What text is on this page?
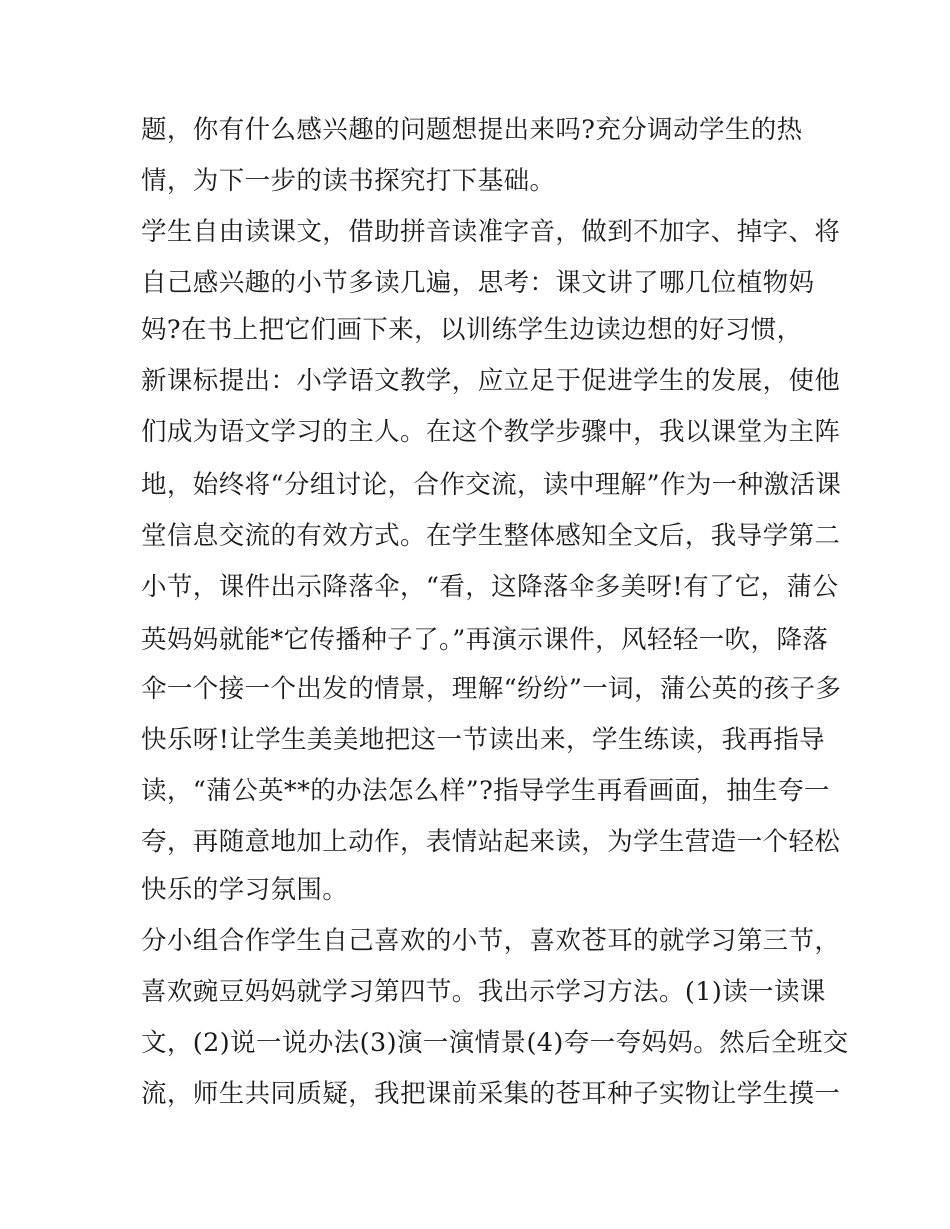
题，你有什么感兴趣的问题想提出来吗?充分调动学生的热
情，为下一步的读书探究打下基础。
学生自由读课文，借助拼音读准字音，做到不加字、掉字、将
自己感兴趣的小节多读几遍，思考：课文讲了哪几位植物妈
妈?在书上把它们画下来，以训练学生边读边想的好习惯，
新课标提出：小学语文教学，应立足于促进学生的发展，使他
们成为语文学习的主人。在这个教学步骤中，我以课堂为主阵
地，始终将“分组讨论，合作交流，读中理解”作为一种激活课
堂信息交流的有效方式。在学生整体感知全文后，我导学第二
小节，课件出示降落伞，“看，这降落伞多美呀!有了它，蒲公
英妈妈就能*它传播种子了。”再演示课件，风轻轻一吹，降落
伞一个接一个出发的情景，理解“纷纷”一词，蒲公英的孩子多
快乐呀!让学生美美地把这一节读出来，学生练读，我再指导
读，“蒲公英**的办法怎么样”?指导学生再看画面，抽生夸一
夸，再随意地加上动作，表情站起来读，为学生营造一个轻松
快乐的学习氛围。
分小组合作学生自己喜欢的小节，喜欢苍耳的就学习第三节，
喜欢豌豆妈妈就学习第四节。我出示学习方法。(1)读一读课
文，(2)说一说办法(3)演一演情景(4)夸一夸妈妈。然后全班交
流，师生共同质疑，我把课前采集的苍耳种子实物让学生摸一
